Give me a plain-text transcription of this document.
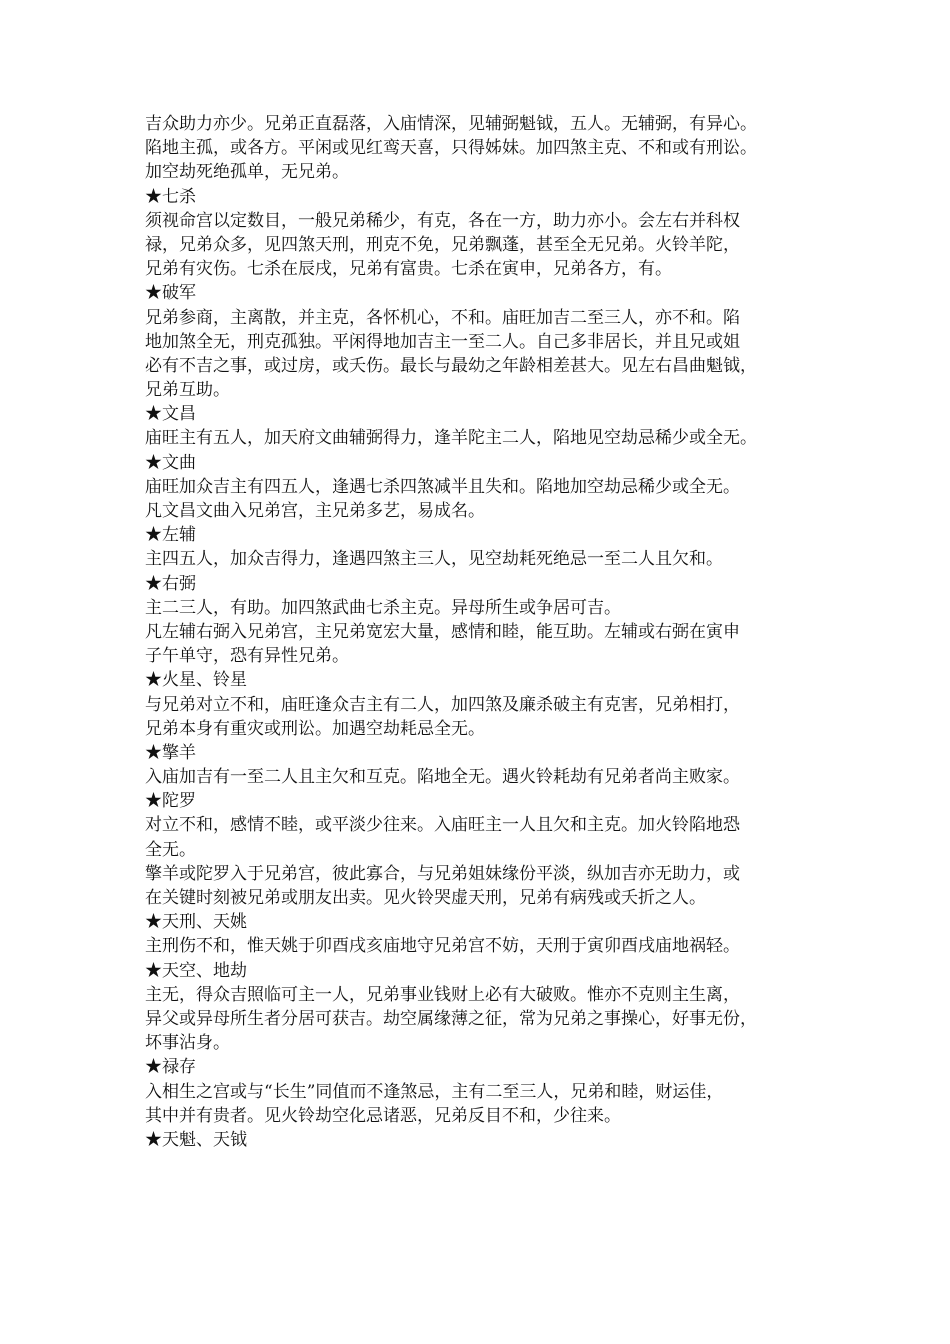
吉众助力亦少。兄弟正直磊落，入庙情深，见辅弼魁钺，五人。无辅弼，有异心。
陷地主孤，或各方。平闲或见红鸾天喜，只得姊妹。加四煞主克、不和或有刑讼。
加空劫死绝孤单，无兄弟。
★七杀
须视命宫以定数目，一般兄弟稀少，有克，各在一方，助力亦小。会左右并科权
禄，兄弟众多，见四煞天刑，刑克不免，兄弟飘蓬，甚至全无兄弟。火铃羊陀，
兄弟有灾伤。七杀在辰戌，兄弟有富贵。七杀在寅申，兄弟各方，有。
★破军
兄弟参商，主离散，并主克，各怀机心，不和。庙旺加吉二至三人，亦不和。陷
地加煞全无，刑克孤独。平闲得地加吉主一至二人。自己多非居长，并且兄或姐
必有不吉之事，或过房，或夭伤。最长与最幼之年龄相差甚大。见左右昌曲魁钺，
兄弟互助。
★文昌
庙旺主有五人，加天府文曲辅弼得力，逢羊陀主二人，陷地见空劫忌稀少或全无。
★文曲
庙旺加众吉主有四五人，逢遇七杀四煞减半且失和。陷地加空劫忌稀少或全无。
凡文昌文曲入兄弟宫，主兄弟多艺，易成名。
★左辅
主四五人，加众吉得力，逢遇四煞主三人，见空劫耗死绝忌一至二人且欠和。
★右弼
主二三人，有助。加四煞武曲七杀主克。异母所生或争居可吉。
凡左辅右弼入兄弟宫，主兄弟宽宏大量，感情和睦，能互助。左辅或右弼在寅申
子午单守，恐有异性兄弟。
★火星、铃星
与兄弟对立不和，庙旺逢众吉主有二人，加四煞及廉杀破主有克害，兄弟相打，
兄弟本身有重灾或刑讼。加遇空劫耗忌全无。
★擎羊
入庙加吉有一至二人且主欠和互克。陷地全无。遇火铃耗劫有兄弟者尚主败家。
★陀罗
对立不和，感情不睦，或平淡少往来。入庙旺主一人且欠和主克。加火铃陷地恐
全无。
擎羊或陀罗入于兄弟宫，彼此寡合，与兄弟姐妹缘份平淡，纵加吉亦无助力，或
在关键时刻被兄弟或朋友出卖。见火铃哭虚天刑，兄弟有病残或夭折之人。
★天刑、天姚
主刑伤不和，惟天姚于卯酉戌亥庙地守兄弟宫不妨，天刑于寅卯酉戌庙地祸轻。
★天空、地劫
主无，得众吉照临可主一人，兄弟事业钱财上必有大破败。惟亦不克则主生离，
异父或异母所生者分居可获吉。劫空属缘薄之征，常为兄弟之事操心，好事无份，
坏事沾身。
★禄存
入相生之宫或与“长生”同值而不逢煞忌，主有二至三人，兄弟和睦，财运佳，
其中并有贵者。见火铃劫空化忌诸恶，兄弟反目不和，少往来。
★天魁、天钺
